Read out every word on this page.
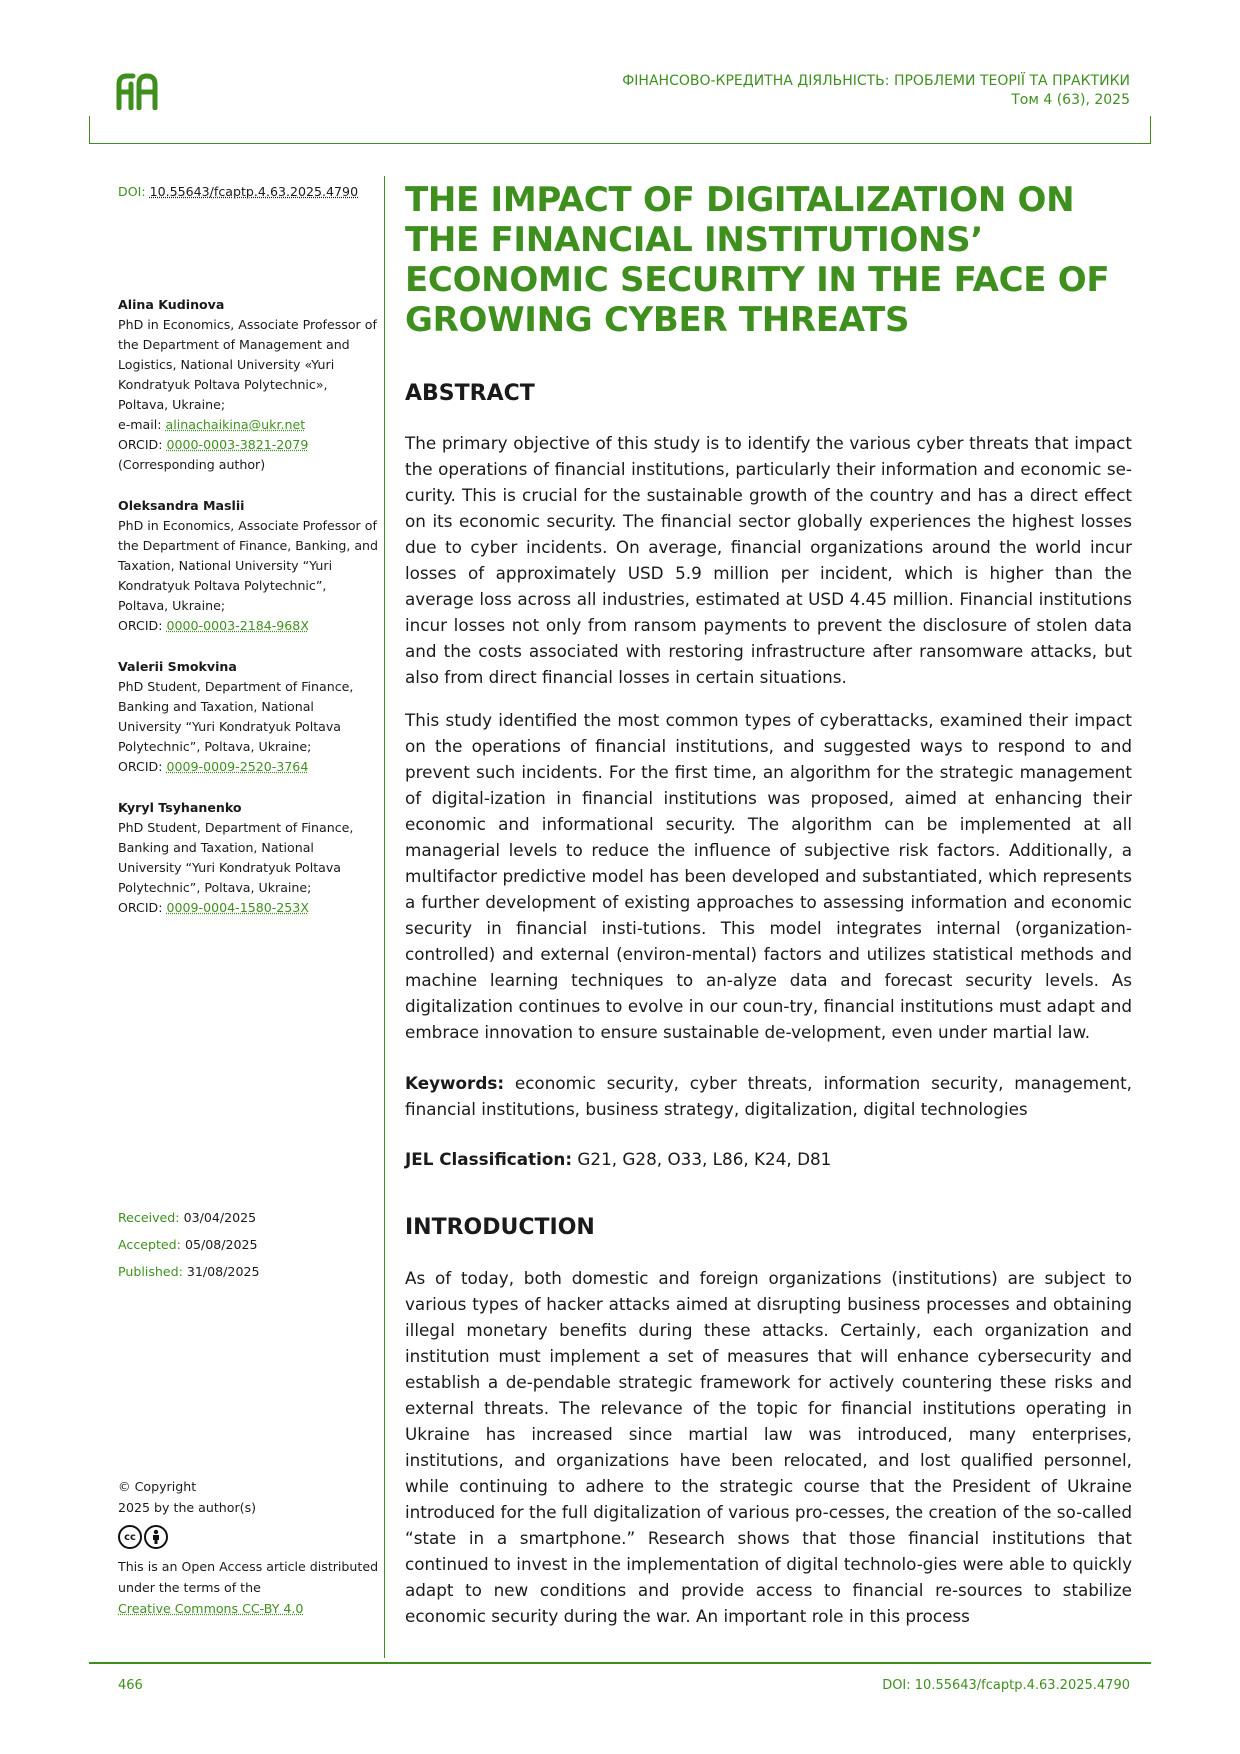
ФІНАНСОВО-КРЕДИТНА ДІЯЛЬНІСТЬ: ПРОБЛЕМИ ТЕОРІЇ ТА ПРАКТИКИ
Том 4 (63), 2025
DOI: 10.55643/fcaptp.4.63.2025.4790
Alina Kudinova
PhD in Economics, Associate Professor of the Department of Management and Logistics, National University «Yuri Kondratyuk Poltava Polytechnic», Poltava, Ukraine;
e-mail: alinachaikina@ukr.net
ORCID: 0000-0003-3821-2079
(Corresponding author)
Oleksandra Maslii
PhD in Economics, Associate Professor of the Department of Finance, Banking, and Taxation, National University “Yuri Kondratyuk Poltava Polytechnic”, Poltava, Ukraine;
ORCID: 0000-0003-2184-968X
Valerii Smokvina
PhD Student, Department of Finance, Banking and Taxation, National University “Yuri Kondratyuk Poltava Polytechnic”, Poltava, Ukraine;
ORCID: 0009-0009-2520-3764
Kyryl Tsyhanenko
PhD Student, Department of Finance, Banking and Taxation, National University “Yuri Kondratyuk Poltava Polytechnic”, Poltava, Ukraine;
ORCID: 0009-0004-1580-253X
Received: 03/04/2025
Accepted: 05/08/2025
Published: 31/08/2025
© Copyright
2025 by the author(s)
cc
This is an Open Access article distributed under the terms of the
Creative Commons CC-BY 4.0
THE IMPACT OF DIGITALIZATION ON THE FINANCIAL INSTITUTIONS’ ECONOMIC SECURITY IN THE FACE OF GROWING CYBER THREATS
ABSTRACT

The primary objective of this study is to identify the various cyber threats that impact the operations of financial institutions, particularly their information and economic se-curity. This is crucial for the sustainable growth of the country and has a direct effect on its economic security. The financial sector globally experiences the highest losses due to cyber incidents. On average, financial organizations around the world incur losses of approximately USD 5.9 million per incident, which is higher than the average loss across all industries, estimated at USD 4.45 million. Financial institutions incur losses not only from ransom payments to prevent the disclosure of stolen data and the costs associated with restoring infrastructure after ransomware attacks, but also from direct financial losses in certain situations.

This study identified the most common types of cyberattacks, examined their impact on the operations of financial institutions, and suggested ways to respond to and prevent such incidents. For the first time, an algorithm for the strategic management of digital-ization in financial institutions was proposed, aimed at enhancing their economic and informational security. The algorithm can be implemented at all managerial levels to reduce the influence of subjective risk factors. Additionally, a multifactor predictive model has been developed and substantiated, which represents a further development of existing approaches to assessing information and economic security in financial insti-tutions. This model integrates internal (organization-controlled) and external (environ-mental) factors and utilizes statistical methods and machine learning techniques to an-alyze data and forecast security levels. As digitalization continues to evolve in our coun-try, financial institutions must adapt and embrace innovation to ensure sustainable de-velopment, even under martial law.

Keywords: economic security, cyber threats, information security, management, financial institutions, business strategy, digitalization, digital technologies

JEL Classification: G21, G28, O33, L86, K24, D81

INTRODUCTION

As of today, both domestic and foreign organizations (institutions) are subject to various types of hacker attacks aimed at disrupting business processes and obtaining illegal monetary benefits during these attacks. Certainly, each organization and institution must implement a set of measures that will enhance cybersecurity and establish a de-pendable strategic framework for actively countering these risks and external threats. The relevance of the topic for financial institutions operating in Ukraine has increased since martial law was introduced, many enterprises, institutions, and organizations have been relocated, and lost qualified personnel, while continuing to adhere to the strategic course that the President of Ukraine introduced for the full digitalization of various pro-cesses, the creation of the so-called “state in a smartphone.” Research shows that those financial institutions that continued to invest in the implementation of digital technolo-gies were able to quickly adapt to new conditions and provide access to financial re-sources to stabilize economic security during the war. An important role in this process

466	DOI: 10.55643/fcaptp.4.63.2025.4790
